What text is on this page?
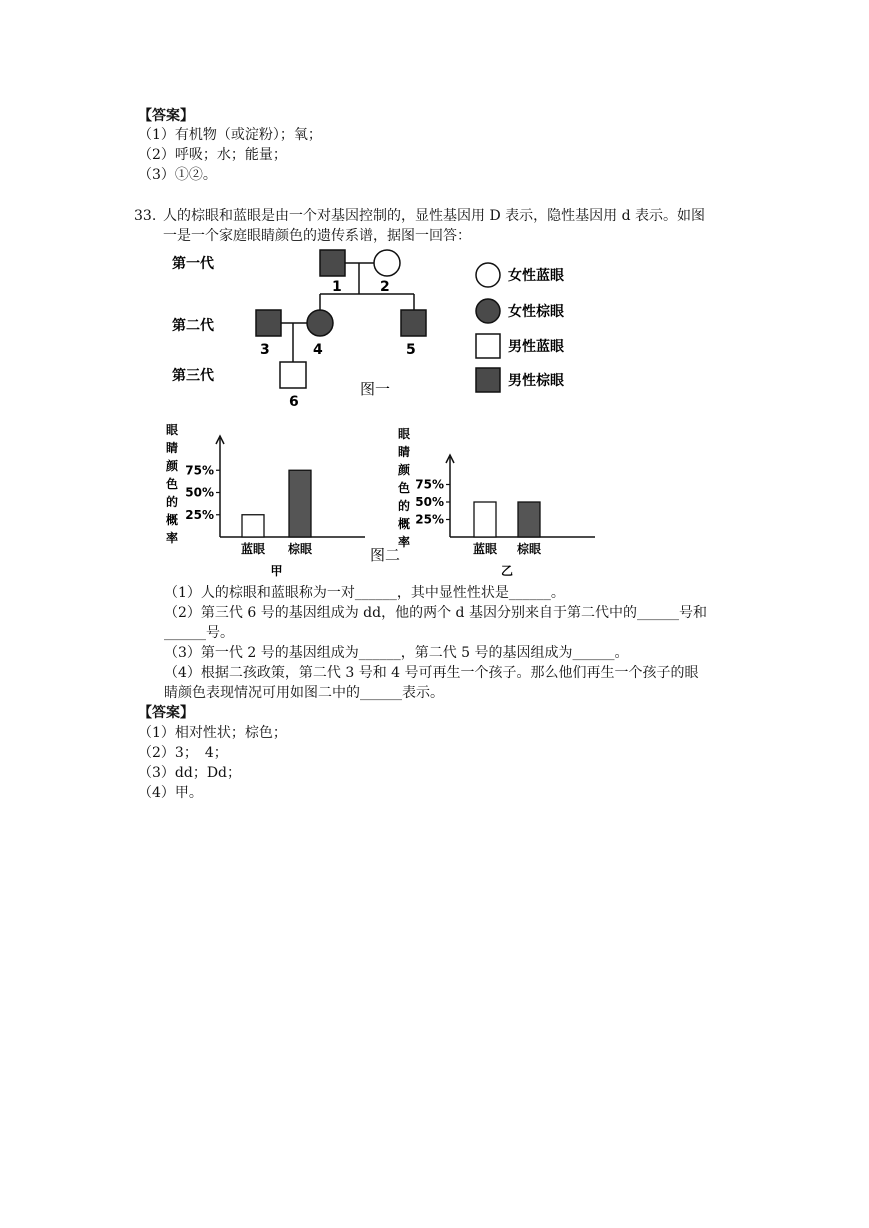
【答案】
（1）有机物（或淀粉）；氧；
（2）呼吸；水；能量；
（3）①②。
33. 人的棕眼和蓝眼是由一个对基因控制的，显性基因用 D 表示，隐性基因用 d 表示。如图
一是一个家庭眼睛颜色的遗传系谱，据图一回答：
第一代
第二代
第三代
1	2
3	4	5
6
图一
女性蓝眼
女性棕眼
男性蓝眼
男性棕眼
眼
睛
颜
色
的
概
率
眼
睛
颜
色
的
概
率
25%
50%
75%
蓝眼 棕眼
甲
25%
50%
75%
蓝眼 棕眼
乙
图二
（1）人的棕眼和蓝眼称为一对______，其中显性性状是______。
（2）第三代 6 号的基因组成为 dd，他的两个 d 基因分别来自于第二代中的______号和
______号。
（3）第一代 2 号的基因组成为______，第二代 5 号的基因组成为______。
（4）根据二孩政策，第二代 3 号和 4 号可再生一个孩子。那么他们再生一个孩子的眼
睛颜色表现情况可用如图二中的______表示。
【答案】
（1）相对性状；棕色；
（2）3；　4；
（3）dd；Dd；
（4）甲。
